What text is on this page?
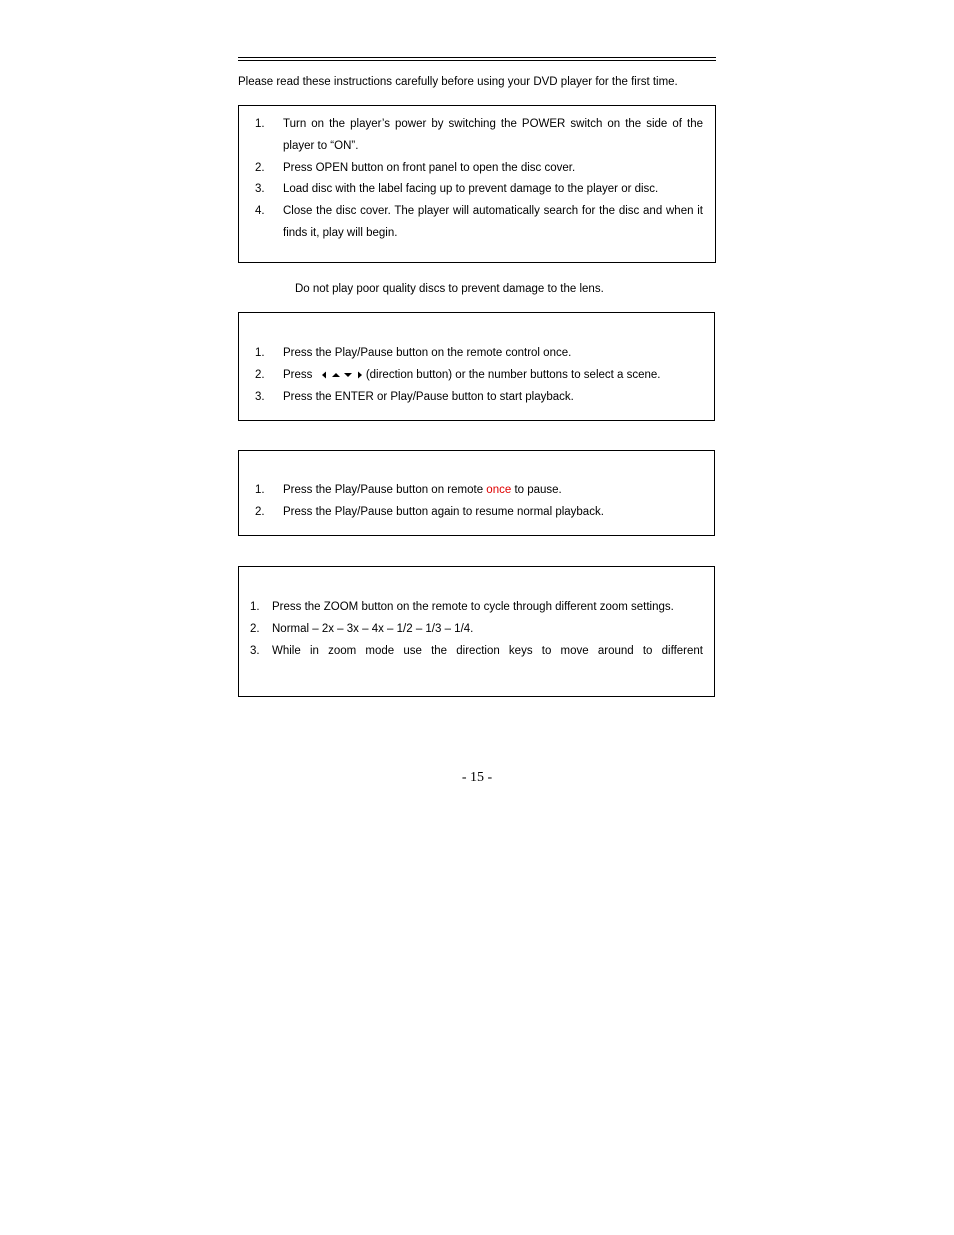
Please read these instructions carefully before using your DVD player for the first time.
1.	Turn on the player’s power by switching the POWER switch on the side of the player to “ON”.
2.	Press OPEN button on front panel to open the disc cover.
3.	Load disc with the label facing up to prevent damage to the player or disc.
4.	Close the disc cover. The player will automatically search for the disc and when it finds it, play will begin.
Do not play poor quality discs to prevent damage to the lens.
1.	Press the Play/Pause button on the remote control once.
2.	Press	(direction button) or the number buttons to select a scene.
3.	Press the ENTER or Play/Pause button to start playback.
1.	Press the Play/Pause button on remote once to pause.
2.	Press the Play/Pause button again to resume normal playback.
1.	Press the ZOOM button on the remote to cycle through different zoom settings.
2.	Normal – 2x – 3x – 4x – 1/2 – 1/3 – 1/4.
3.	While in zoom mode use the direction keys to move around to different
- 15 -
